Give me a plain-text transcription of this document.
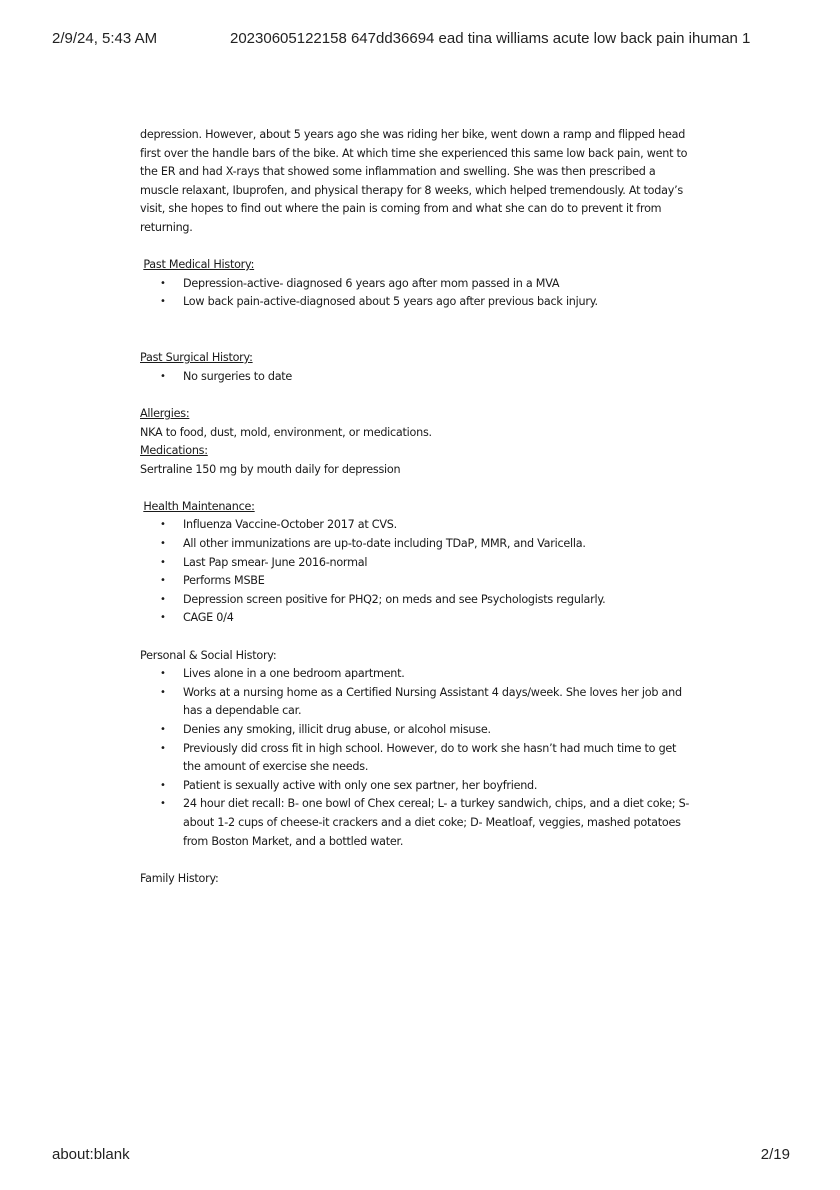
2/9/24, 5:43 AM	20230605122158 647dd36694 ead tina williams acute low back pain ihuman 1

depression. However, about 5 years ago she was riding her bike, went down a ramp and flipped head first over the handle bars of the bike. At which time she experienced this same low back pain, went to the ER and had X-rays that showed some inflammation and swelling. She was then prescribed a muscle relaxant, Ibuprofen, and physical therapy for 8 weeks, which helped tremendously. At today’s visit, she hopes to find out where the pain is coming from and what she can do to prevent it from returning.

Past Medical History:

• Depression-active- diagnosed 6 years ago after mom passed in a MVA
• Low back pain-active-diagnosed about 5 years ago after previous back injury.

Past Surgical History:

• No surgeries to date

Allergies:

NKA to food, dust, mold, environment, or medications.

Medications:

Sertraline 150 mg by mouth daily for depression

Health Maintenance:

• Influenza Vaccine-October 2017 at CVS.
• All other immunizations are up-to-date including TDaP, MMR, and Varicella.
• Last Pap smear- June 2016-normal
• Performs MSBE
• Depression screen positive for PHQ2; on meds and see Psychologists regularly.
• CAGE 0/4

Personal & Social History:

• Lives alone in a one bedroom apartment.
• Works at a nursing home as a Certified Nursing Assistant 4 days/week. She loves her job and has a dependable car.
• Denies any smoking, illicit drug abuse, or alcohol misuse.
• Previously did cross fit in high school. However, do to work she hasn’t had much time to get the amount of exercise she needs.
• Patient is sexually active with only one sex partner, her boyfriend.
• 24 hour diet recall: B- one bowl of Chex cereal; L- a turkey sandwich, chips, and a diet coke; S-about 1-2 cups of cheese-it crackers and a diet coke; D- Meatloaf, veggies, mashed potatoes from Boston Market, and a bottled water.

Family History:

about:blank	2/19
